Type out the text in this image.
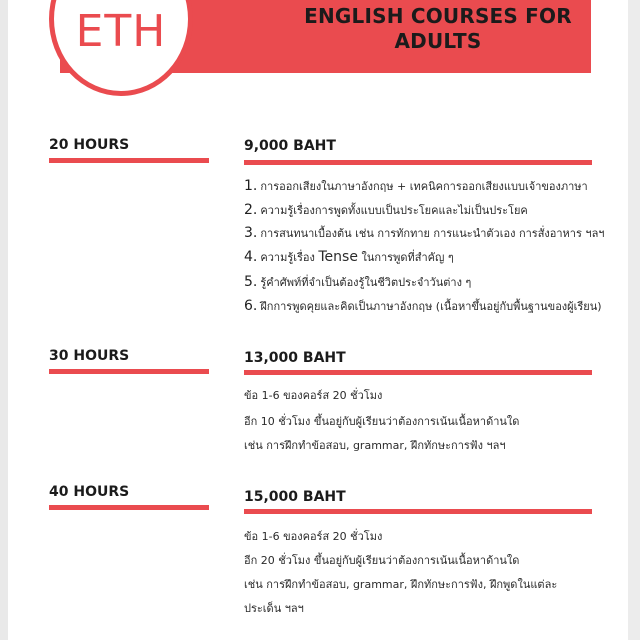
ENGLISH COURSES FOR ADULTS
ETH
20 HOURS	9,000 BAHT
1. การออกเสียงในภาษาอังกฤษ + เทคนิคการออกเสียงแบบเจ้าของภาษา
2. ความรู้เรื่องการพูดทั้งแบบเป็นประโยคและไม่เป็นประโยค
3. การสนทนาเบื้องต้น เช่น การทักทาย การแนะนำตัวเอง การสั่งอาหาร ฯลฯ
4. ความรู้เรื่อง Tense ในการพูดที่สำคัญ ๆ
5. รู้คำศัพท์ที่จำเป็นต้องรู้ในชีวิตประจำวันต่าง ๆ
6. ฝึกการพูดคุยและคิดเป็นภาษาอังกฤษ (เนื้อหาขึ้นอยู่กับพื้นฐานของผู้เรียน)
30 HOURS	13,000 BAHT
ข้อ 1-6 ของคอร์ส 20 ชั่วโมง
อีก 10 ชั่วโมง ขึ้นอยู่กับผู้เรียนว่าต้องการเน้นเนื้อหาด้านใด
เช่น การฝึกทำข้อสอบ, grammar, ฝึกทักษะการฟัง ฯลฯ
40 HOURS	15,000 BAHT
ข้อ 1-6 ของคอร์ส 20 ชั่วโมง
อีก 20 ชั่วโมง ขึ้นอยู่กับผู้เรียนว่าต้องการเน้นเนื้อหาด้านใด
เช่น การฝึกทำข้อสอบ, grammar, ฝึกทักษะการฟัง, ฝึกพูดในแต่ละ
ประเด็น ฯลฯ
